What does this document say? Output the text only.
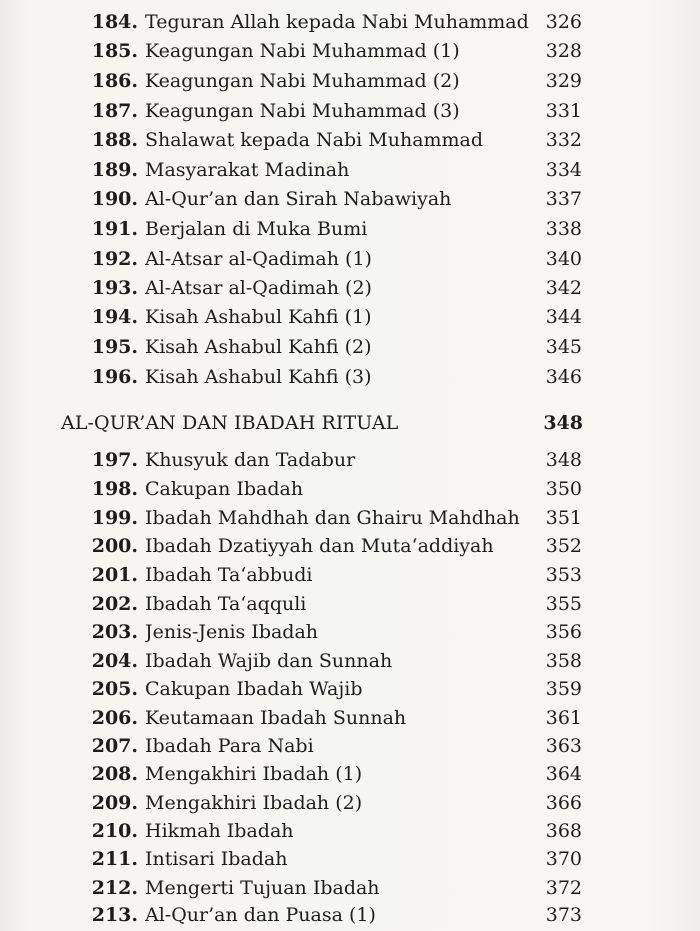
184. Teguran Allah kepada Nabi Muhammad 326
185. Keagungan Nabi Muhammad (1)	328
186. Keagungan Nabi Muhammad (2)	329
187. Keagungan Nabi Muhammad (3)	331
188. Shalawat kepada Nabi Muhammad	332
189. Masyarakat Madinah	334
190. Al-Qur’an dan Sirah Nabawiyah	337
191. Berjalan di Muka Bumi	338
192. Al-Atsar al-Qadimah (1)	340
193. Al-Atsar al-Qadimah (2)	342
194. Kisah Ashabul Kahfi (1)	344
195. Kisah Ashabul Kahfi (2)	345
196. Kisah Ashabul Kahfi (3)	346
AL-QUR’AN DAN IBADAH RITUAL	348
197. Khusyuk dan Tadabur	348
198. Cakupan Ibadah	350
199. Ibadah Mahdhah dan Ghairu Mahdhah	351
200. Ibadah Dzatiyyah dan Muta‘addiyah	352
201. Ibadah Ta‘abbudi	353
202. Ibadah Ta‘aqquli	355
203. Jenis-Jenis Ibadah	356
204. Ibadah Wajib dan Sunnah	358
205. Cakupan Ibadah Wajib	359
206. Keutamaan Ibadah Sunnah	361
207. Ibadah Para Nabi	363
208. Mengakhiri Ibadah (1)	364
209. Mengakhiri Ibadah (2)	366
210. Hikmah Ibadah	368
211. Intisari Ibadah	370
212. Mengerti Tujuan Ibadah	372
213. Al-Qur’an dan Puasa (1)	373
